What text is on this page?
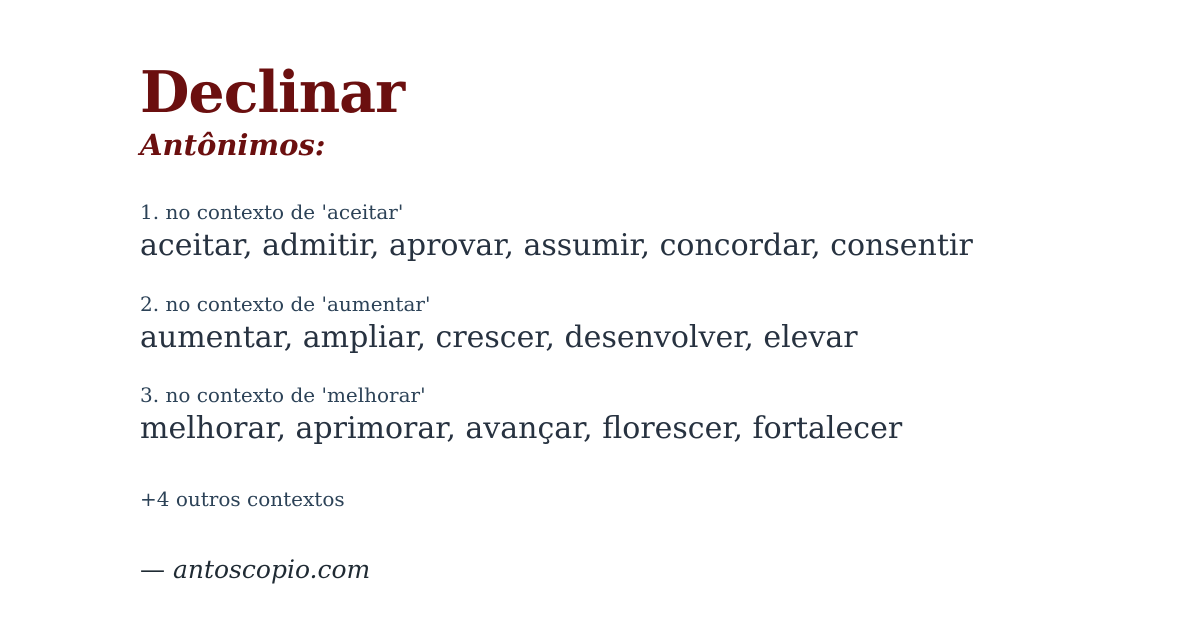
Declinar
Antônimos:
1. no contexto de 'aceitar'
aceitar, admitir, aprovar, assumir, concordar, consentir
2. no contexto de 'aumentar'
aumentar, ampliar, crescer, desenvolver, elevar
3. no contexto de 'melhorar'
melhorar, aprimorar, avançar, florescer, fortalecer
+4 outros contextos
— antoscopio.com
